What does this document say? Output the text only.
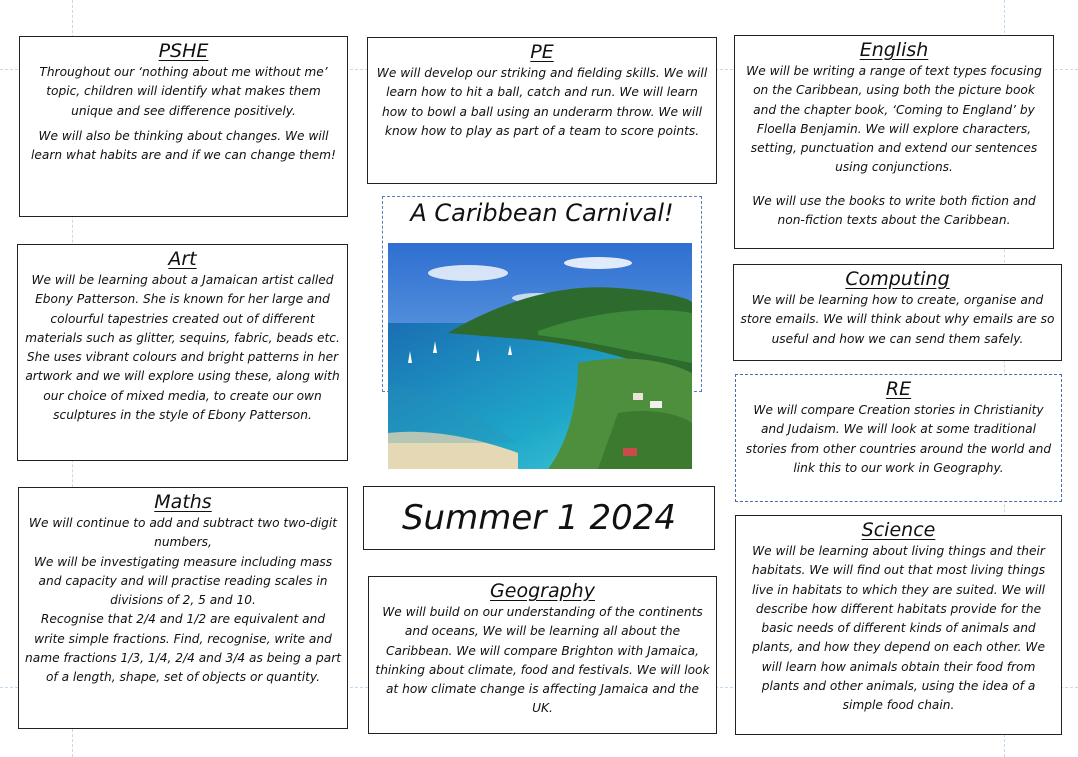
PSHE

Throughout our ‘nothing about me without me’ topic, children will identify what makes them unique and see difference positively.

We will also be thinking about changes. We will learn what habits are and if we can change them!

PE

We will develop our striking and fielding skills. We will learn how to hit a ball, catch and run. We will learn how to bowl a ball using an underarm throw. We will know how to play as part of a team to score points.

English

We will be writing a range of text types focusing on the Caribbean, using both the picture book and the chapter book, ‘Coming to England’ by Floella Benjamin. We will explore characters, setting, punctuation and extend our sentences using conjunctions.

We will use the books to write both fiction and non-fiction texts about the Caribbean.

Art

We will be learning about a Jamaican artist called Ebony Patterson. She is known for her large and colourful tapestries created out of different materials such as glitter, sequins, fabric, beads etc. She uses vibrant colours and bright patterns in her artwork and we will explore using these, along with our choice of mixed media, to create our own sculptures in the style of Ebony Patterson.

A Caribbean Carnival!
Summer 1 2024
Computing

We will be learning how to create, organise and store emails. We will think about why emails are so useful and how we can send them safely.

RE

We will compare Creation stories in Christianity and Judaism. We will look at some traditional stories from other countries around the world and link this to our work in Geography.

Maths

We will continue to add and subtract two two-digit numbers,

We will be investigating measure including mass and capacity and will practise reading scales in divisions of 2, 5 and 10.

Recognise that 2/4 and 1/2 are equivalent and write simple fractions. Find, recognise, write and name fractions 1/3, 1/4, 2/4 and 3/4 as being a part of a length, shape, set of objects or quantity.

Geography

We will build on our understanding of the continents and oceans, We will be learning all about the Caribbean. We will compare Brighton with Jamaica, thinking about climate, food and festivals. We will look at how climate change is affecting Jamaica and the UK.

Science

We will be learning about living things and their habitats. We will find out that most living things live in habitats to which they are suited. We will describe how different habitats provide for the basic needs of different kinds of animals and plants, and how they depend on each other. We will learn how animals obtain their food from plants and other animals, using the idea of a simple food chain.
